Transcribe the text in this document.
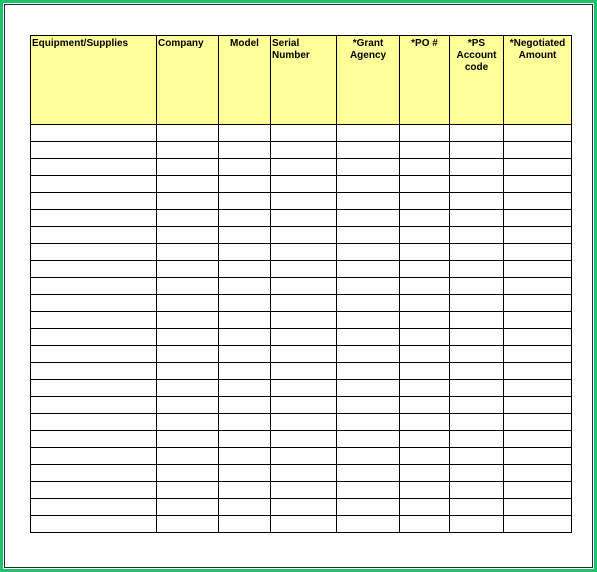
Equipment/Supplies	Company	Model	Serial Number	*Grant Agency	*PO #	*PS Account code	*Negotiated Amount
